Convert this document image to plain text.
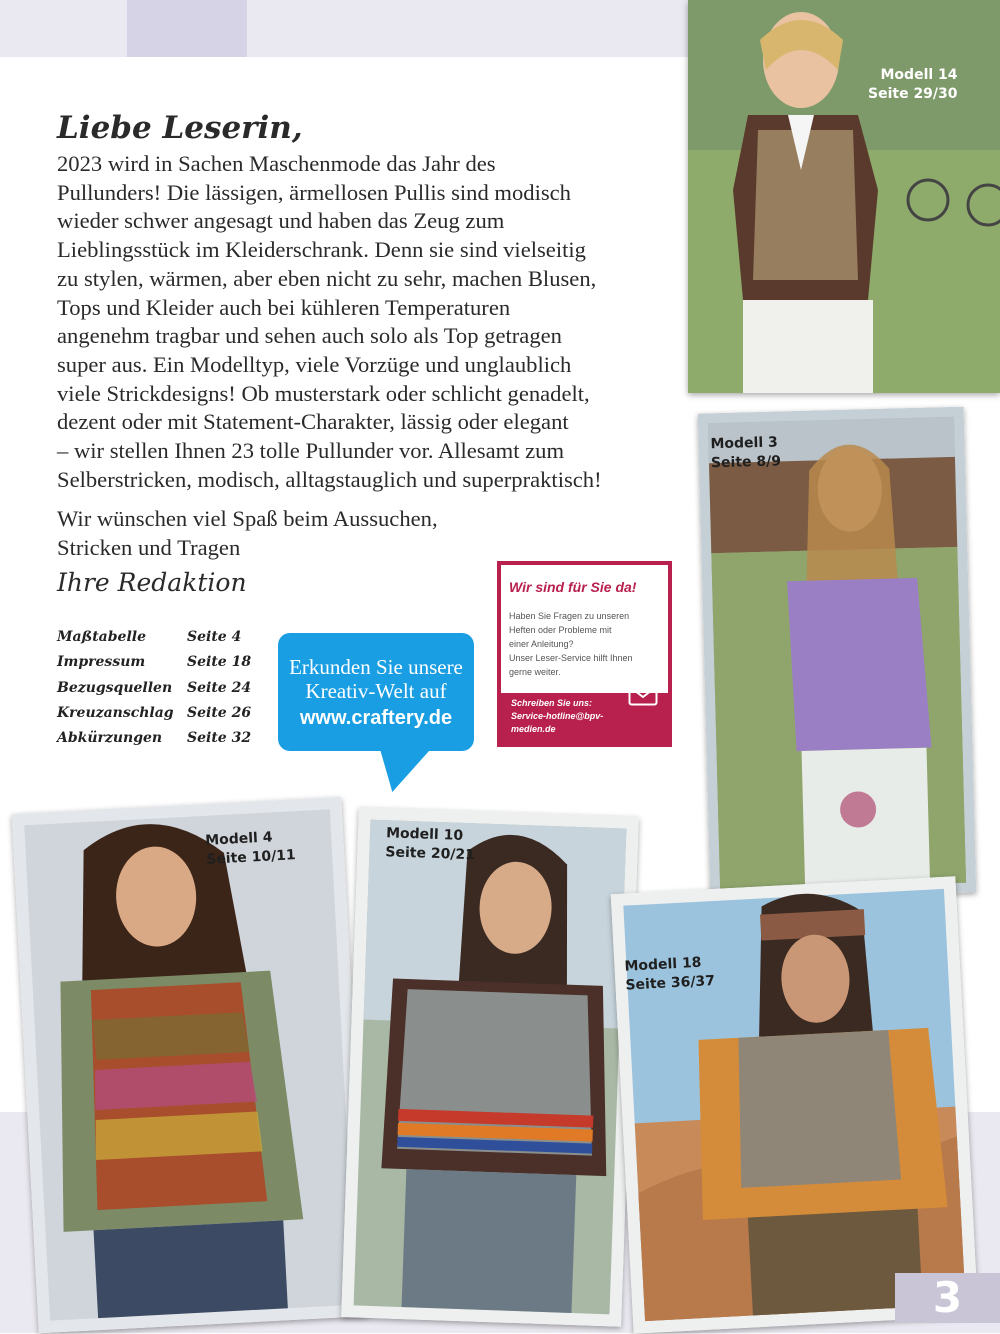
Liebe Leserin,
2023 wird in Sachen Maschenmode das Jahr des
Pullunders! Die lässigen, ärmellosen Pullis sind modisch
wieder schwer angesagt und haben das Zeug zum
Lieblingsstück im Kleiderschrank. Denn sie sind vielseitig
zu stylen, wärmen, aber eben nicht zu sehr, machen Blusen,
Tops und Kleider auch bei kühleren Temperaturen
angenehm tragbar und sehen auch solo als Top getragen
super aus. Ein Modelltyp, viele Vorzüge und unglaublich
viele Strickdesigns! Ob musterstark oder schlicht genadelt,
dezent oder mit Statement-Charakter, lässig oder elegant
– wir stellen Ihnen 23 tolle Pullunder vor. Allesamt zum
Selberstricken, modisch, alltagstauglich und superpraktisch!
Wir wünschen viel Spaß beim Aussuchen,
Stricken und Tragen
Ihre Redaktion
Maßtabelle	Seite 4
Impressum	Seite 18
Bezugsquellen	Seite 24
Kreuzanschlag Seite 26
Abkürzungen	Seite 32
Erkunden Sie unsere
Kreativ-Welt auf
www.craftery.de
Wir sind für Sie da!
Haben Sie Fragen zu unseren
Heften oder Probleme mit
einer Anleitung?
Unser Leser-Service hilft Ihnen
gerne weiter.
Schreiben Sie uns:
Service-hotline@bpv-
medien.de
Modell 14
Seite 29/30
Modell 3
Seite 8/9
Modell 4
Seite 10/11
Modell 10
Seite 20/21
Modell 18
Seite 36/37
3
